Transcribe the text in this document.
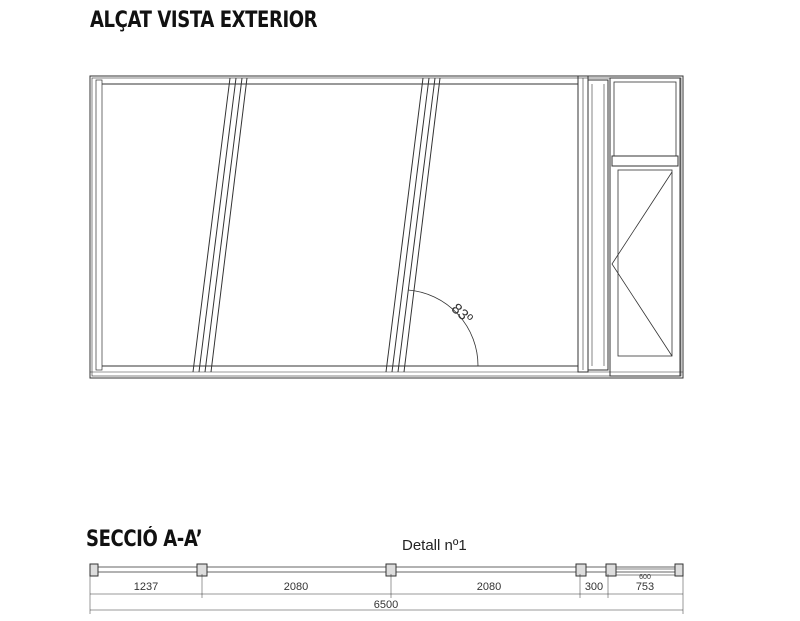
ALÇAT VISTA EXTERIOR
SECCIÓ A-A’	Detall nº1
83º
1237	2080	2080	300	753
600
6500
